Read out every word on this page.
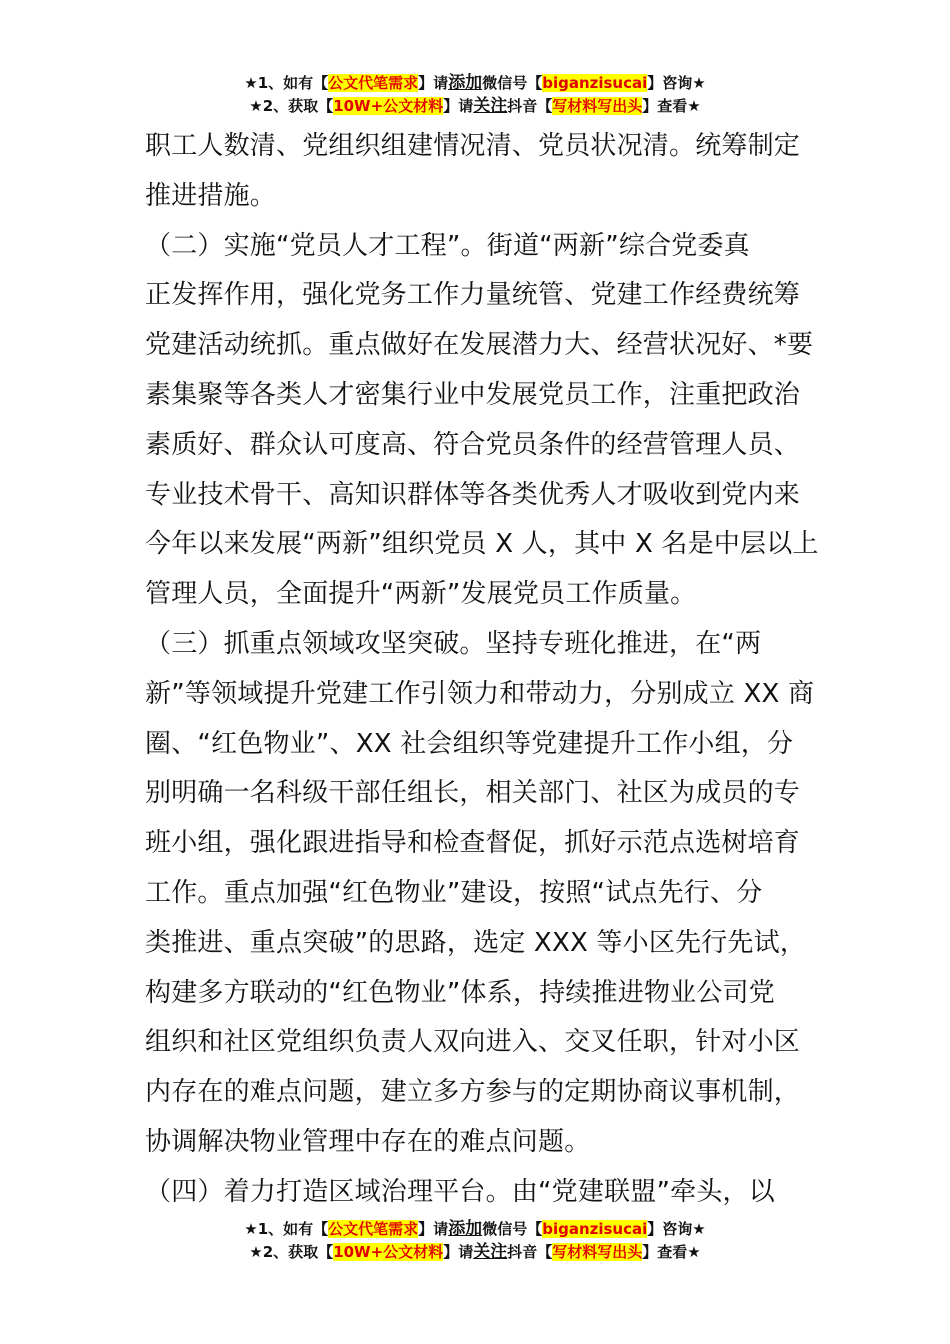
★1、如有【公文代笔需求】请添加微信号【biganzisucai】咨询★
★2、获取【10W+公文材料】请关注抖音【写材料写出头】查看★
职工人数清、党组织组建情况清、党员状况清。统筹制定
推进措施。
（二）实施“党员人才工程”。街道“两新”综合党委真
正发挥作用，强化党务工作力量统管、党建工作经费统筹
党建活动统抓。重点做好在发展潜力大、经营状况好、*要
素集聚等各类人才密集行业中发展党员工作，注重把政治
素质好、群众认可度高、符合党员条件的经营管理人员、
专业技术骨干、高知识群体等各类优秀人才吸收到党内来
今年以来发展“两新”组织党员 X 人，其中 X 名是中层以上
管理人员，全面提升“两新”发展党员工作质量。
（三）抓重点领域攻坚突破。坚持专班化推进，在“两
新”等领域提升党建工作引领力和带动力，分别成立 XX 商
圈、“红色物业”、XX 社会组织等党建提升工作小组，分
别明确一名科级干部任组长，相关部门、社区为成员的专
班小组，强化跟进指导和检查督促，抓好示范点选树培育
工作。重点加强“红色物业”建设，按照“试点先行、分
类推进、重点突破”的思路，选定 XXX 等小区先行先试，
构建多方联动的“红色物业”体系，持续推进物业公司党
组织和社区党组织负责人双向进入、交叉任职，针对小区
内存在的难点问题，建立多方参与的定期协商议事机制，
协调解决物业管理中存在的难点问题。
（四）着力打造区域治理平台。由“党建联盟”牵头，以
★1、如有【公文代笔需求】请添加微信号【biganzisucai】咨询★
★2、获取【10W+公文材料】请关注抖音【写材料写出头】查看★
